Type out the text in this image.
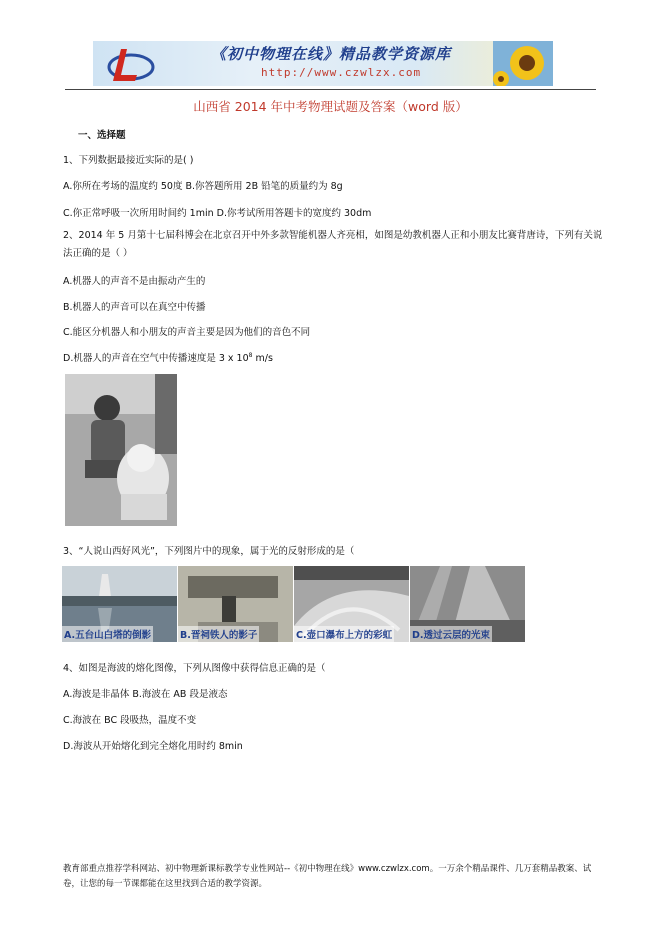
《初中物理在线》精品教学资源库
http://www.czwlzx.com
山西省 2014 年中考物理试题及答案（word 版）
一、选择题
1、下列数据最接近实际的是( )
A.你所在考场的温度约 50度 B.你答题所用 2B 铅笔的质量约为 8g
C.你正常呼吸一次所用时间约 1min D.你考试所用答题卡的宽度约 30dm
2、2014 年 5 月第十七届科博会在北京召开中外多款智能机器人齐亮相，如图是幼教机器人正和小朋友比赛背唐诗，下列有关说法正确的是（ ）
A.机器人的声音不是由振动产生的
B.机器人的声音可以在真空中传播
C.能区分机器人和小朋友的声音主要是因为他们的音色不同
D.机器人的声音在空气中传播速度是 3 x $10^8$ m/s
3、“人说山西好风光”，下列图片中的现象，属于光的反射形成的是（
A.五台山白塔的倒影	B.晋祠铁人的影子	C.壶口瀑布上方的彩虹 D.透过云层的光束
4、如图是海波的熔化图像，下列从图像中获得信息正确的是（
A.海波是非晶体 B.海波在 AB 段是液态
C.海波在 BC 段吸热，温度不变
D.海波从开始熔化到完全熔化用时约 8min
教育部重点推荐学科网站、初中物理新课标教学专业性网站--《初中物理在线》www.czwlzx.com。一万余个精品课件、几万套精品教案、试卷，让您的每一节课都能在这里找到合适的教学资源。
